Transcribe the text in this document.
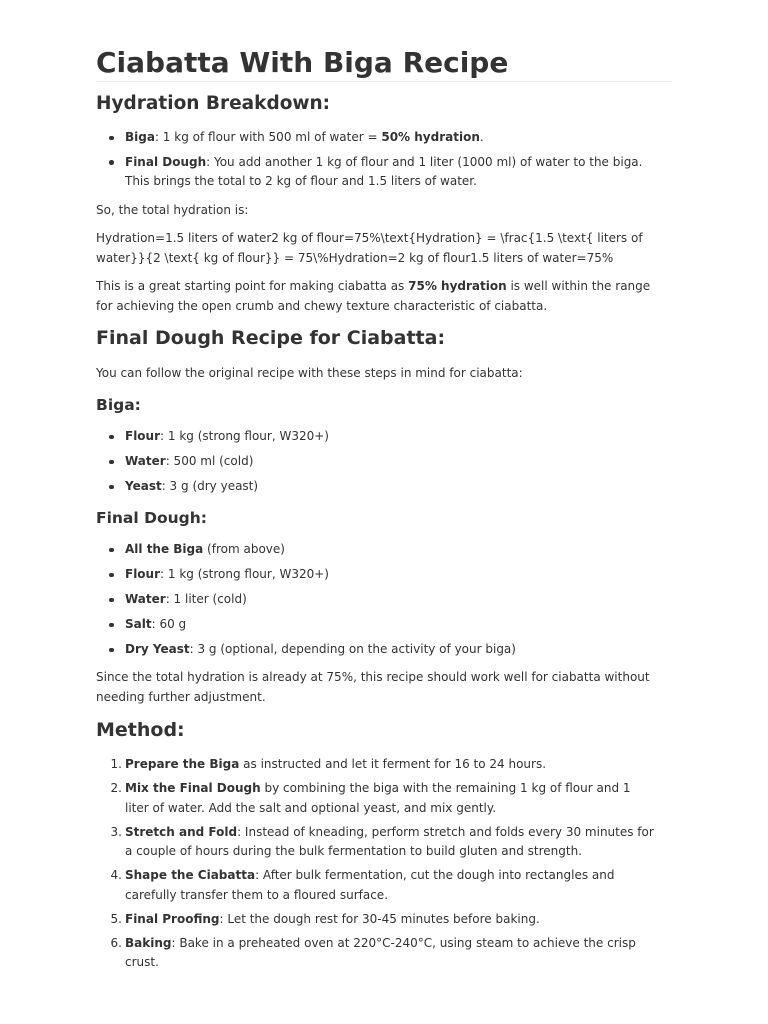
Ciabatta With Biga Recipe
Hydration Breakdown:
Biga: 1 kg of flour with 500 ml of water = 50% hydration.
Final Dough: You add another 1 kg of flour and 1 liter (1000 ml) of water to the biga. This brings the total to 2 kg of flour and 1.5 liters of water.

So, the total hydration is:

Hydration=1.5 liters of water2 kg of flour=75%\text{Hydration} = \frac{1.5 \text{ liters of water}}{2 \text{ kg of flour}} = 75\%Hydration=2 kg of flour1.5 liters of water=75%

This is a great starting point for making ciabatta as 75% hydration is well within the range for achieving the open crumb and chewy texture characteristic of ciabatta.

Final Dough Recipe for Ciabatta:

You can follow the original recipe with these steps in mind for ciabatta:

Biga:
Flour: 1 kg (strong flour, W320+)
Water: 500 ml (cold)
Yeast: 3 g (dry yeast)
Final Dough:
All the Biga (from above)
Flour: 1 kg (strong flour, W320+)
Water: 1 liter (cold)
Salt: 60 g
Dry Yeast: 3 g (optional, depending on the activity of your biga)

Since the total hydration is already at 75%, this recipe should work well for ciabatta without needing further adjustment.

Method:
1. Prepare the Biga as instructed and let it ferment for 16 to 24 hours.
2. Mix the Final Dough by combining the biga with the remaining 1 kg of flour and 1 liter of water. Add the salt and optional yeast, and mix gently.
3. Stretch and Fold: Instead of kneading, perform stretch and folds every 30 minutes for a couple of hours during the bulk fermentation to build gluten and strength.
4. Shape the Ciabatta: After bulk fermentation, cut the dough into rectangles and carefully transfer them to a floured surface.
5. Final Proofing: Let the dough rest for 30-45 minutes before baking.
6. Baking: Bake in a preheated oven at 220°C-240°C, using steam to achieve the crisp crust.
